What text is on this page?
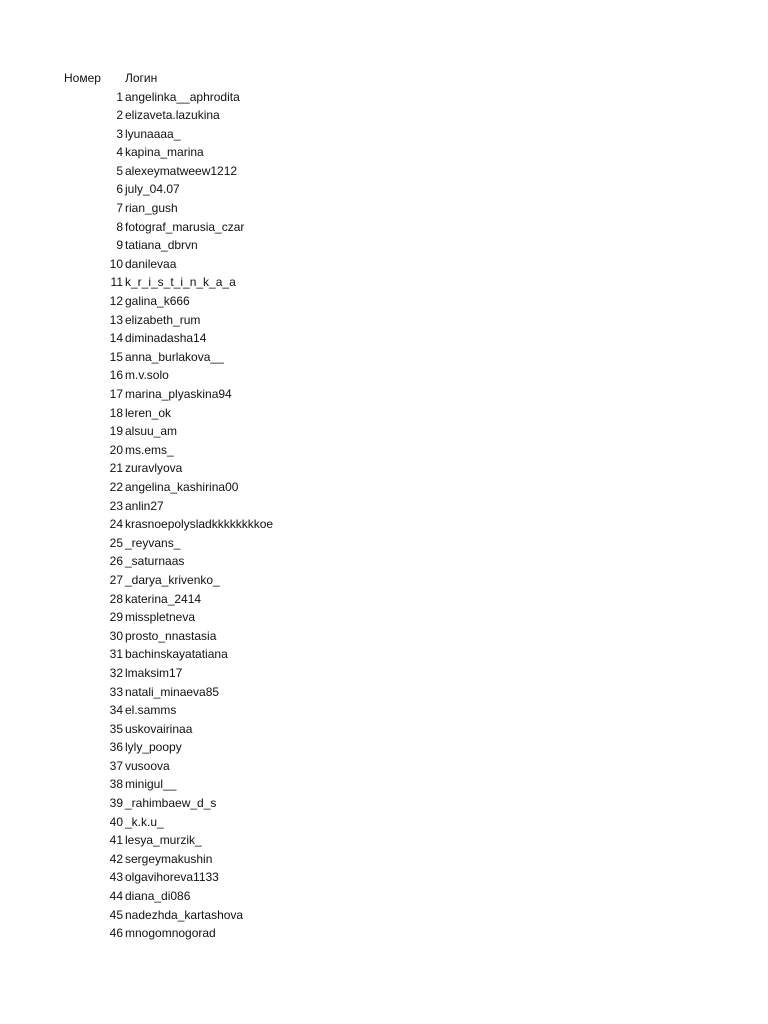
Номер Логин
1 angelinka__aphrodita
2 elizaveta.lazukina
3 lyunaaaa_
4 kapina_marina
5 alexeymatweew1212
6 july_04.07
7 rian_gush
8 fotograf_marusia_czar
9 tatiana_dbrvn
10 danilevaa
11 k_r_i_s_t_i_n_k_a_a
12 galina_k666
13 elizabeth_rum
14 diminadasha14
15 anna_burlakova__
16 m.v.solo
17 marina_plyaskina94
18 leren_ok
19 alsuu_am
20 ms.ems_
21 zuravlyova
22 angelina_kashirina00
23 anlin27
24 krasnoepolysladkkkkkkkkoe
25 _reyvans_
26 _saturnaas
27 _darya_krivenko_
28 katerina_2414
29 misspletneva
30 prosto_nnastasia
31 bachinskayatatiana
32 lmaksim17
33 natali_minaeva85
34 el.samms
35 uskovairinaa
36 lyly_poopy
37 vusoova
38 minigul__
39 _rahimbaew_d_s
40 _k.k.u_
41 lesya_murzik_
42 sergeymakushin
43 olgavihoreva1133
44 diana_di086
45 nadezhda_kartashova
46 mnogomnogorad
